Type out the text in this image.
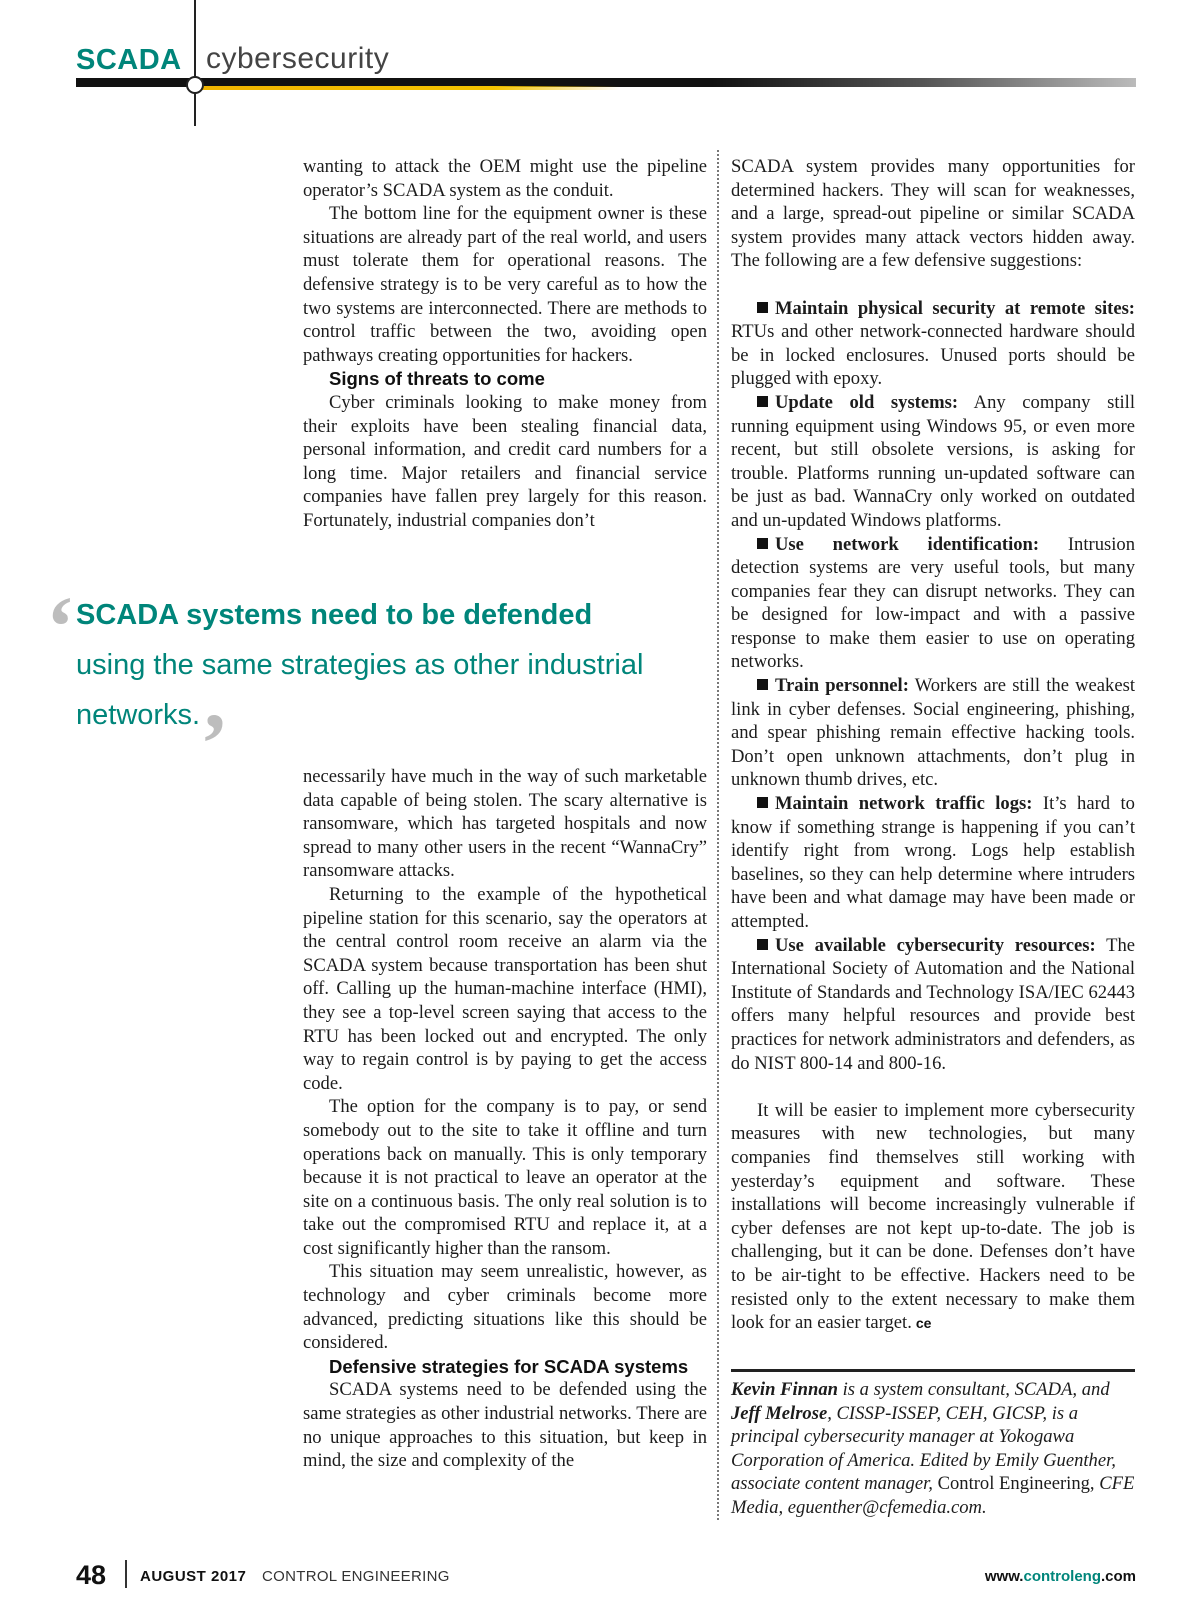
SCADA cybersecurity

wanting to attack the OEM might use the pipeline operator’s SCADA system as the conduit.

The bottom line for the equipment owner is these situations are already part of the real world, and users must tolerate them for operational reasons. The defensive strategy is to be very careful as to how the two systems are interconnected. There are methods to control traffic between the two, avoiding open pathways creating opportunities for hackers.

Signs of threats to come

Cyber criminals looking to make money from their exploits have been stealing financial data, personal information, and credit card numbers for a long time. Major retailers and financial service companies have fallen prey largely for this reason. Fortunately, industrial companies don’t

‘ SCADA systems need to be defended
using the same strategies as other industrial
networks. ’	necessarily have much in the way of such marketable data capable of being stolen. The scary alternative is ransomware, which has targeted hospitals and now spread to many other users in the recent “WannaCry” ransomware attacks.

Returning to the example of the hypothetical pipeline station for this scenario, say the operators at the central control room receive an alarm via the SCADA system because transportation has been shut off. Calling up the human-machine interface (HMI), they see a top-level screen saying that access to the RTU has been locked out and encrypted. The only way to regain control is by paying to get the access code.

The option for the company is to pay, or send somebody out to the site to take it offline and turn operations back on manually. This is only temporary because it is not practical to leave an operator at the site on a continuous basis. The only real solution is to take out the compromised RTU and replace it, at a cost significantly higher than the ransom.

This situation may seem unrealistic, however, as technology and cyber criminals become more advanced, predicting situations like this should be considered.

Defensive strategies for SCADA systems

SCADA systems need to be defended using the same strategies as other industrial networks. There are no unique approaches to this situation, but keep in mind, the size and complexity of the

SCADA system provides many opportunities for determined hackers. They will scan for weaknesses, and a large, spread-out pipeline or similar SCADA system provides many attack vectors hidden away. The following are a few defensive suggestions:

Maintain physical security at remote sites: RTUs and other network-connected hardware should be in locked enclosures. Unused ports should be plugged with epoxy.

Update old systems: Any company still running equipment using Windows 95, or even more recent, but still obsolete versions, is asking for trouble. Platforms running un-updated software can be just as bad. WannaCry only worked on outdated and un-updated Windows platforms.

Use network identification: Intrusion detection systems are very useful tools, but many companies fear they can disrupt networks. They can be designed for low-impact and with a passive response to make them easier to use on operating networks.

Train personnel: Workers are still the weakest link in cyber defenses. Social engineering, phishing, and spear phishing remain effective hacking tools. Don’t open unknown attachments, don’t plug in unknown thumb drives, etc.

Maintain network traffic logs: It’s hard to know if something strange is happening if you can’t identify right from wrong. Logs help establish baselines, so they can help determine where intruders have been and what damage may have been made or attempted.

Use available cybersecurity resources: The International Society of Automation and the National Institute of Standards and Technology ISA/IEC 62443 offers many helpful resources and provide best practices for network administrators and defenders, as do NIST 800-14 and 800-16.

It will be easier to implement more cybersecurity measures with new technologies, but many companies find themselves still working with yesterday’s equipment and software. These installations will become increasingly vulnerable if cyber defenses are not kept up-to-date. The job is challenging, but it can be done. Defenses don’t have to be air-tight to be effective. Hackers need to be resisted only to the extent necessary to make them look for an easier target. ce

Kevin Finnan is a system consultant, SCADA, and Jeff Melrose, CISSP-ISSEP, CEH, GICSP, is a principal cybersecurity manager at Yokogawa Corporation of America. Edited by Emily Guenther, associate content manager, Control Engineering, CFE Media, eguenther@cfemedia.com.
48 AUGUST 2017 CONTROL ENGINEERING	www.controleng.com
